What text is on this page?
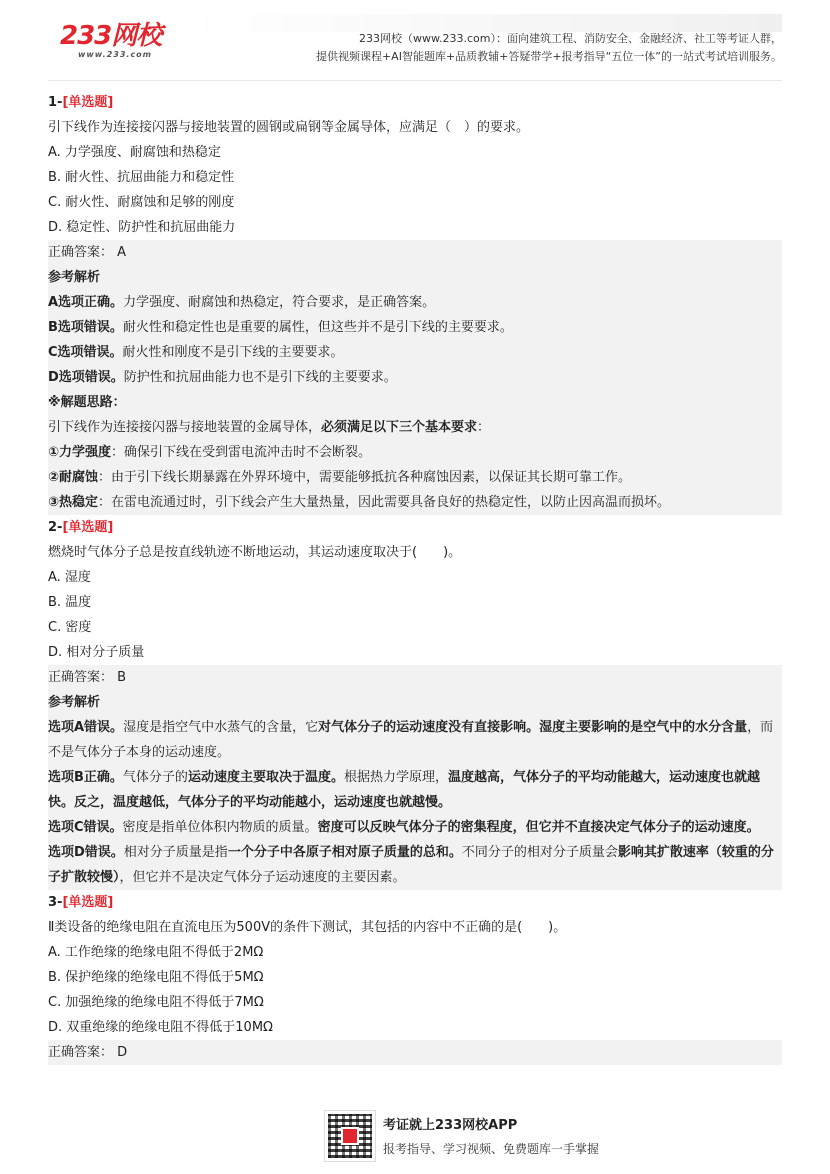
233网校
www.233.com
233网校（www.233.com）：面向建筑工程、消防安全、金融经济、社工等考证人群，
提供视频课程+AI智能题库+品质教辅+答疑带学+报考指导“五位一体”的一站式考试培训服务。
1-[单选题]
引下线作为连接接闪器与接地装置的圆钢或扁钢等金属导体，应满足（　）的要求。
A. 力学强度、耐腐蚀和热稳定
B. 耐火性、抗屈曲能力和稳定性
C. 耐火性、耐腐蚀和足够的刚度
D. 稳定性、防护性和抗屈曲能力
正确答案： A
参考解析
A选项正确。力学强度、耐腐蚀和热稳定，符合要求，是正确答案。
B选项错误。耐火性和稳定性也是重要的属性，但这些并不是引下线的主要要求。
C选项错误。耐火性和刚度不是引下线的主要要求。
D选项错误。防护性和抗屈曲能力也不是引下线的主要要求。
※解题思路：
引下线作为连接接闪器与接地装置的金属导体，必须满足以下三个基本要求：
①力学强度：确保引下线在受到雷电流冲击时不会断裂。
②耐腐蚀：由于引下线长期暴露在外界环境中，需要能够抵抗各种腐蚀因素，以保证其长期可靠工作。
③热稳定：在雷电流通过时，引下线会产生大量热量，因此需要具备良好的热稳定性，以防止因高温而损坏。
2-[单选题]
燃烧时气体分子总是按直线轨迹不断地运动，其运动速度取决于(　　)。
A. 湿度
B. 温度
C. 密度
D. 相对分子质量
正确答案： B
参考解析
选项A错误。湿度是指空气中水蒸气的含量，它对气体分子的运动速度没有直接影响。湿度主要影响的是空气中的水分含量，而不是气体分子本身的运动速度。
选项B正确。气体分子的运动速度主要取决于温度。根据热力学原理，温度越高，气体分子的平均动能越大，运动速度也就越快。反之，温度越低，气体分子的平均动能越小，运动速度也就越慢。
选项C错误。密度是指单位体积内物质的质量。密度可以反映气体分子的密集程度，但它并不直接决定气体分子的运动速度。
选项D错误。相对分子质量是指一个分子中各原子相对原子质量的总和。不同分子的相对分子质量会影响其扩散速率（较重的分子扩散较慢），但它并不是决定气体分子运动速度的主要因素。
3-[单选题]
Ⅱ类设备的绝缘电阻在直流电压为500V的条件下测试，其包括的内容中不正确的是(　　)。
A. 工作绝缘的绝缘电阻不得低于2MΩ
B. 保护绝缘的绝缘电阻不得低于5MΩ
C. 加强绝缘的绝缘电阻不得低于7MΩ
D. 双重绝缘的绝缘电阻不得低于10MΩ
正确答案： D
考证就上233网校APP
报考指导、学习视频、免费题库一手掌握
